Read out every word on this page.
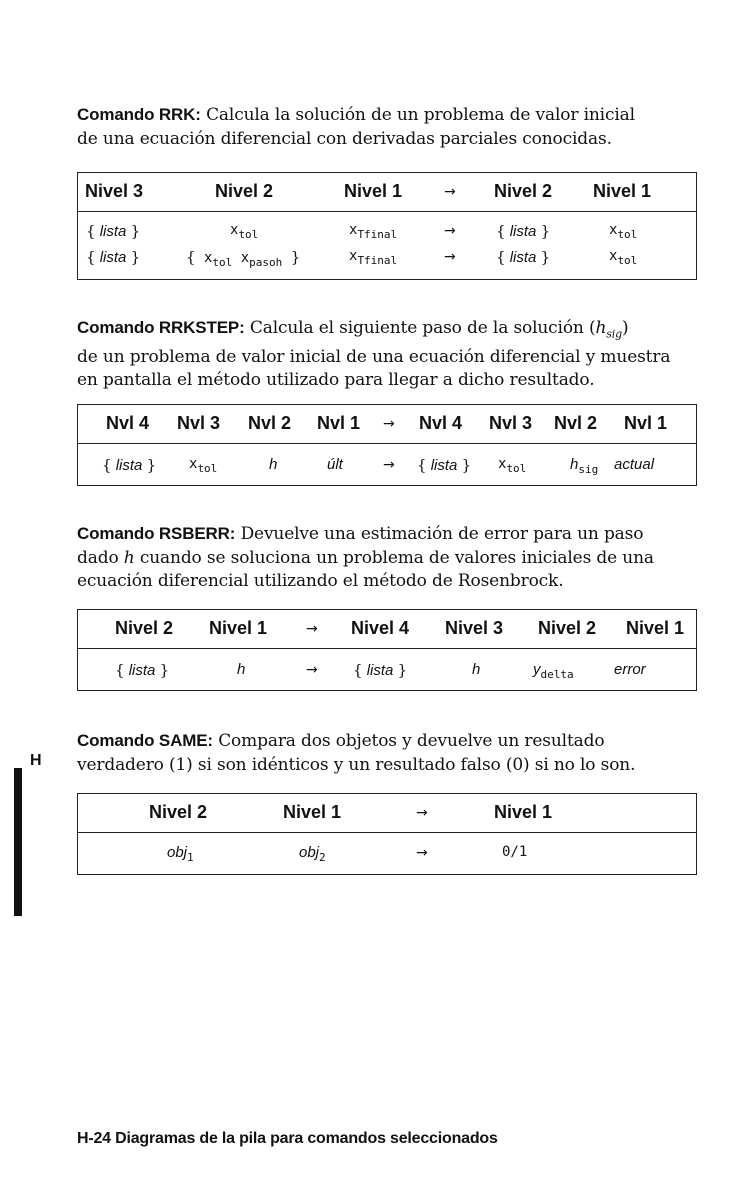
Comando RRK: Calcula la solución de un problema de valor inicial
de una ecuación diferencial con derivadas parciales conocidas.

Nivel 3	Nivel 2	Nivel 1	→ Nivel 2 Nivel 1
{ lista }	$x_{tol}$	$x_{Tfinal}$	→	{ lista }	$x_{tol}$
{ lista }	{ $x_{tol}$ $x_{pasoh}$ }	$x_{Tfinal}$	→	{ lista }	$x_{tol}$

Comando RRKSTEP: Calcula el siguiente paso de la solución $(h_{sig})$
de un problema de valor inicial de una ecuación diferencial y muestra
en pantalla el método utilizado para llegar a dicho resultado.

Nvl 4 Nvl 3 Nvl 2 Nvl 1 → Nvl 4 Nvl 3 Nvl 2 Nvl 1
{ lista } $x_{tol}$	h	últ	→ { lista } $x_{tol}$	$h_{sig}$ actual

Comando RSBERR: Devuelve una estimación de error para un paso
dado h cuando se soluciona un problema de valores iniciales de una
ecuación diferencial utilizando el método de Rosenbrock.

Nivel 2 Nivel 1	→ Nivel 4 Nivel 3 Nivel 2 Nivel 1
{ lista }	h	→ { lista }	h	$y_{delta}$	error

Comando SAME: Compara dos objetos y devuelve un resultado
verdadero (1) si son idénticos y un resultado falso (0) si no lo son.

Nivel 2	Nivel 1	→	Nivel 1
obj$_1$	obj$_2$	→	0/1
H
H-24 Diagramas de la pila para comandos seleccionados
